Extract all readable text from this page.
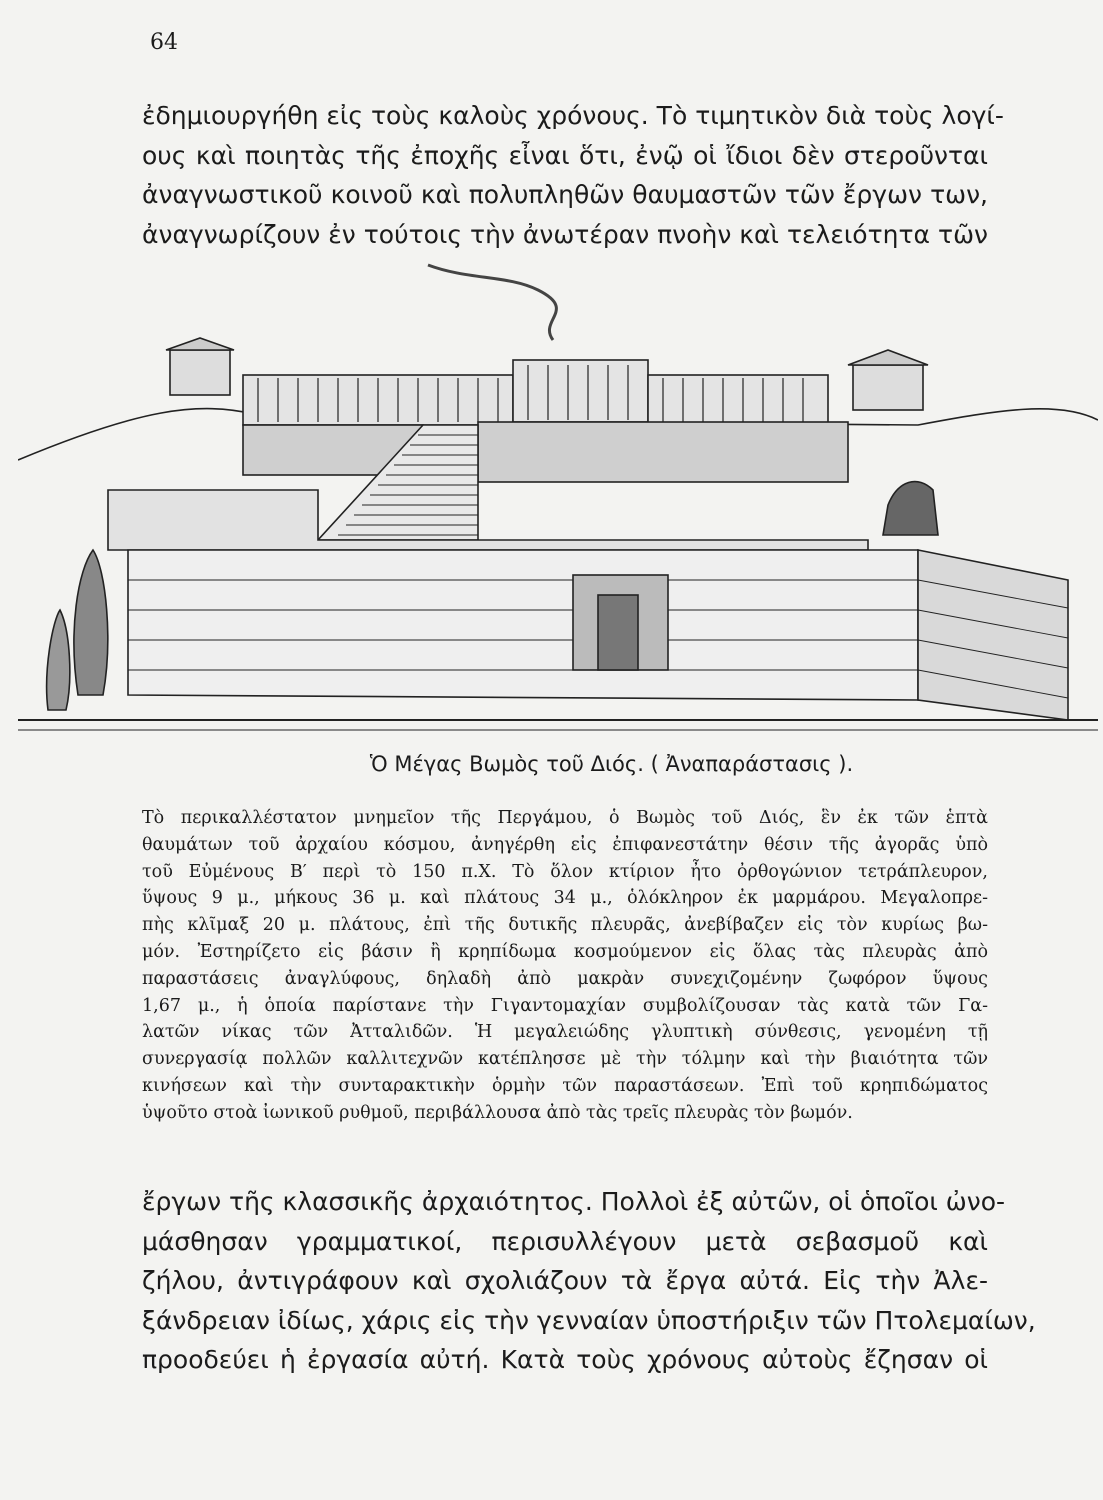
64
ἐδημιουργήθη εἰς τοὺς καλοὺς χρόνους. Τὸ τιμητικὸν διὰ τοὺς λογί-
ους καὶ ποιητὰς τῆς ἐποχῆς εἶναι ὅτι, ἐνῷ οἱ ἴδιοι δὲν στεροῦνται
ἀναγνωστικοῦ κοινοῦ καὶ πολυπληθῶν θαυμαστῶν τῶν ἔργων των,
ἀναγνωρίζουν ἐν τούτοις τὴν ἀνωτέραν πνοὴν καὶ τελειότητα τῶν
Ὁ Μέγας Βωμὸς τοῦ Διός. ( Ἀναπαράστασις ).
Τὸ περικαλλέστατον μνημεῖον τῆς Περγάμου, ὁ Βωμὸς τοῦ Διός, ἓν ἐκ τῶν ἑπτὰ
θαυμάτων τοῦ ἀρχαίου κόσμου, ἀνηγέρθη εἰς ἐπιφανεστάτην θέσιν τῆς ἀγορᾶς ὑπὸ
τοῦ Εὐμένους Β′ περὶ τὸ 150 π.Χ. Τὸ ὅλον κτίριον ἦτο ὀρθογώνιον τετράπλευρον,
ὕψους 9 μ., μήκους 36 μ. καὶ πλάτους 34 μ., ὁλόκληρον ἐκ μαρμάρου. Μεγαλοπρε-
πὴς κλῖμαξ 20 μ. πλάτους, ἐπὶ τῆς δυτικῆς πλευρᾶς, ἀνεβίβαζεν εἰς τὸν κυρίως βω-
μόν. Ἐστηρίζετο εἰς βάσιν ἢ κρηπίδωμα κοσμούμενον εἰς ὅλας τὰς πλευρὰς ἀπὸ
παραστάσεις ἀναγλύφους, δηλαδὴ ἀπὸ μακρὰν συνεχιζομένην ζωφόρον ὕψους
1,67 μ., ἡ ὁποία παρίστανε τὴν Γιγαντομαχίαν συμβολίζουσαν τὰς κατὰ τῶν Γα-
λατῶν νίκας τῶν Ἀτταλιδῶν. Ἡ μεγαλειώδης γλυπτικὴ σύνθεσις, γενομένη τῇ
συνεργασίᾳ πολλῶν καλλιτεχνῶν κατέπλησσε μὲ τὴν τόλμην καὶ τὴν βιαιότητα τῶν
κινήσεων καὶ τὴν συνταρακτικὴν ὁρμὴν τῶν παραστάσεων. Ἐπὶ τοῦ κρηπιδώματος
ὑψοῦτο στοὰ ἰωνικοῦ ρυθμοῦ, περιβάλλουσα ἀπὸ τὰς τρεῖς πλευρὰς τὸν βωμόν.
ἔργων τῆς κλασσικῆς ἀρχαιότητος. Πολλοὶ ἐξ αὐτῶν, οἱ ὁποῖοι ὠνο-
μάσθησαν γραμματικοί, περισυλλέγουν μετὰ σεβασμοῦ καὶ
ζήλου, ἀντιγράφουν καὶ σχολιάζουν τὰ ἔργα αὐτά. Εἰς τὴν Ἀλε-
ξάνδρειαν ἰδίως, χάρις εἰς τὴν γενναίαν ὑποστήριξιν τῶν Πτολεμαίων,
προοδεύει ἡ ἐργασία αὐτή. Κατὰ τοὺς χρόνους αὐτοὺς ἔζησαν οἱ
